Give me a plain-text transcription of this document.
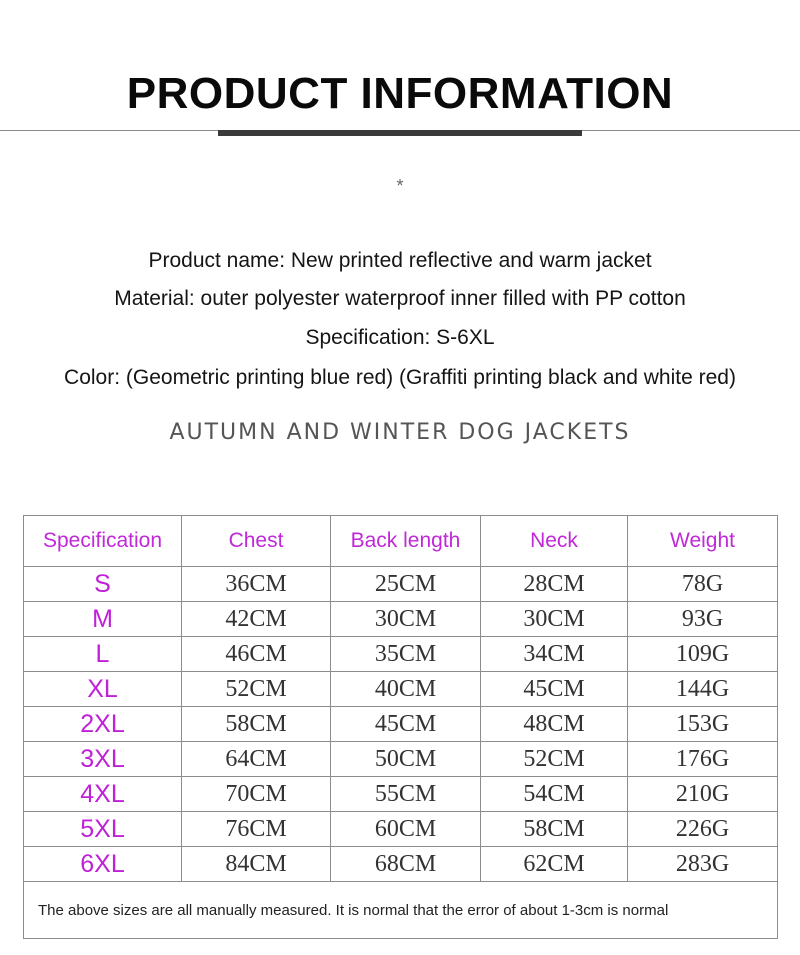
PRODUCT INFORMATION
*
Product name: New printed reflective and warm jacket
Material: outer polyester waterproof inner filled with PP cotton
Specification: S-6XL
Color: (Geometric printing blue red) (Graffiti printing black and white red)
AUTUMN AND WINTER DOG JACKETS
Specification	Chest	Back length	Neck	Weight
S	36CM	25CM	28CM	78G
M	42CM	30CM	30CM	93G
L	46CM	35CM	34CM	109G
XL	52CM	40CM	45CM	144G
2XL	58CM	45CM	48CM	153G
3XL	64CM	50CM	52CM	176G
4XL	70CM	55CM	54CM	210G
5XL	76CM	60CM	58CM	226G
6XL	84CM	68CM	62CM	283G
The above sizes are all manually measured. It is normal that the error of about 1-3cm is normal				
